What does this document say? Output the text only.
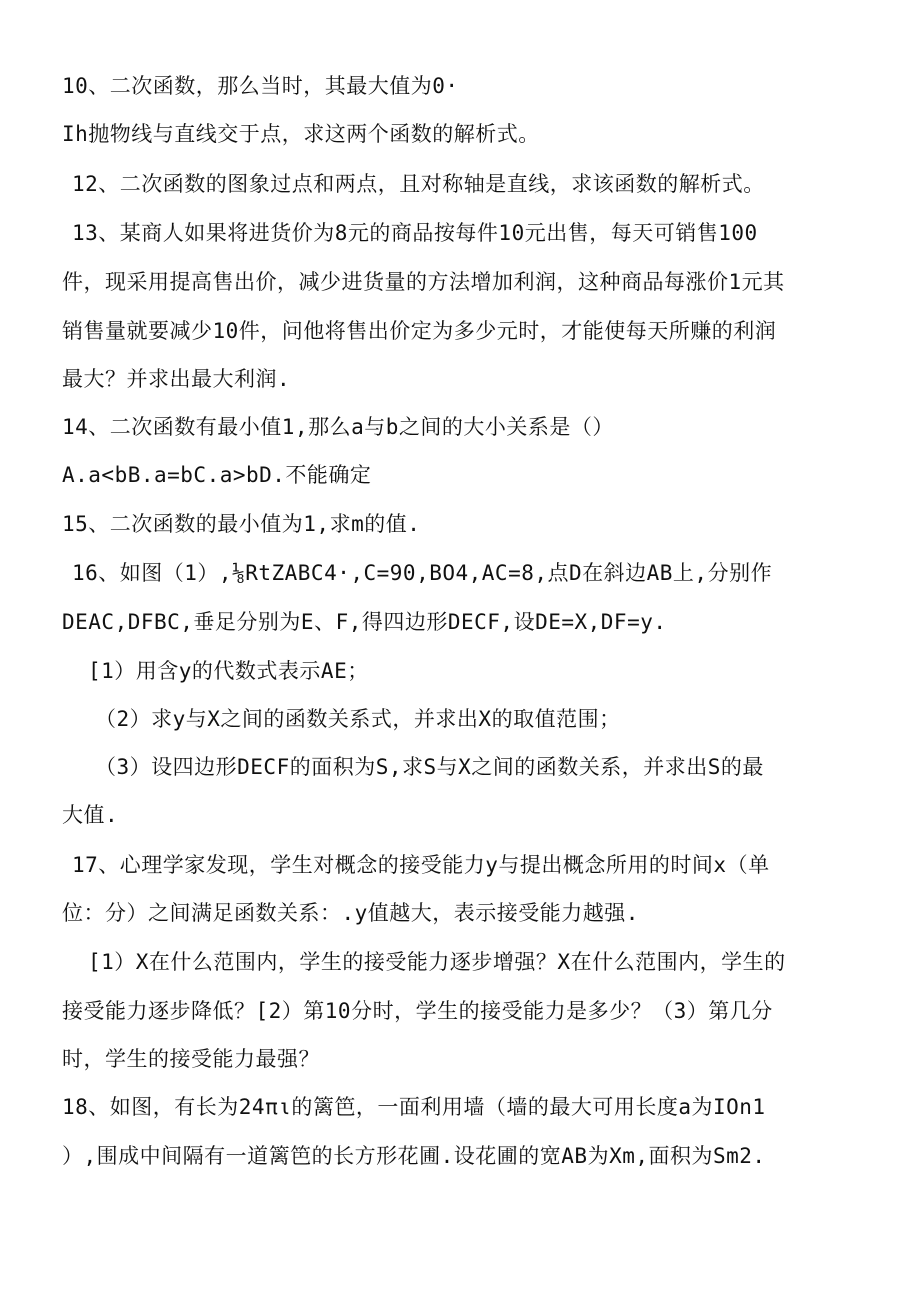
10、二次函数，那么当时，其最大值为0·
Ih抛物线与直线交于点，求这两个函数的解析式。
12、二次函数的图象过点和两点，且对称轴是直线，求该函数的解析式。
13、某商人如果将进货价为8元的商品按每件10元出售，每天可销售100
件，现采用提高售出价，减少进货量的方法增加利润，这种商品每涨价1元其
销售量就要减少10件，问他将售出价定为多少元时，才能使每天所赚的利润
最大？并求出最大利润.
14、二次函数有最小值1,那么a与b之间的大小关系是（）
A.a<bB.a=bC.a>bD.不能确定
15、二次函数的最小值为1,求m的值.
16、如图（1）,⅛RtZABC4·,C=90,BO4,AC=8,点D在斜边AB上,分别作
DEAC,DFBC,垂足分别为E、F,得四边形DECF,设DE=X,DF=y.
[1）用含y的代数式表示AE；
（2）求y与X之间的函数关系式，并求出X的取值范围；
（3）设四边形DECF的面积为S,求S与X之间的函数关系，并求出S的最
大值.
17、心理学家发现，学生对概念的接受能力y与提出概念所用的时间x（单
位：分）之间满足函数关系：.y值越大，表示接受能力越强.
[1）X在什么范围内，学生的接受能力逐步增强？X在什么范围内，学生的
接受能力逐步降低？[2）第10分时，学生的接受能力是多少？（3）第几分
时，学生的接受能力最强？
18、如图，有长为24πι的篱笆，一面利用墙（墙的最大可用长度a为IOn1
）,围成中间隔有一道篱笆的长方形花圃.设花圃的宽AB为Xm,面积为Sm2.
